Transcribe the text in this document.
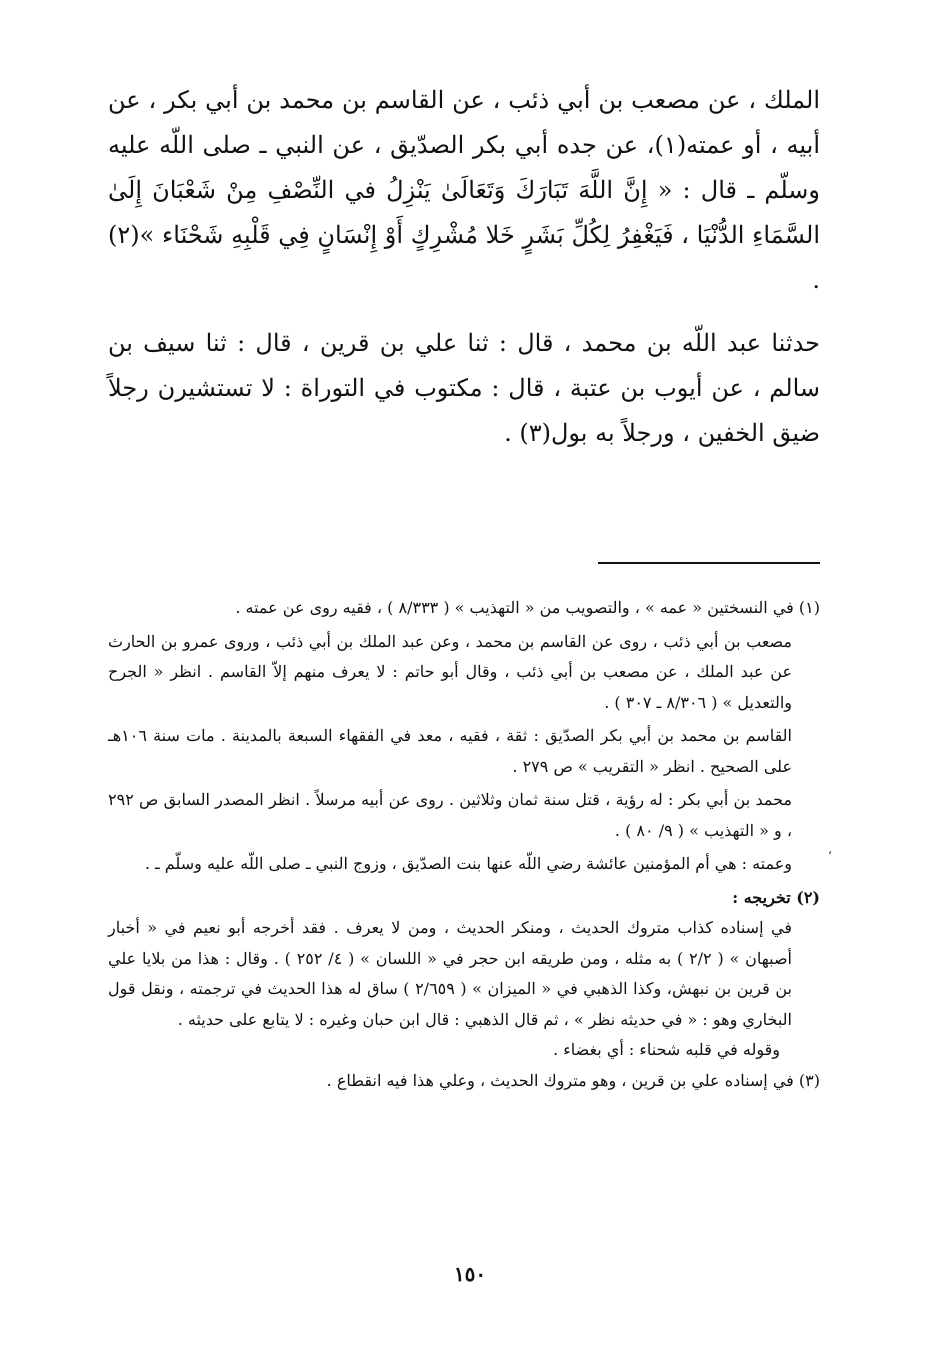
الملك ، عن مصعب بن أبي ذئب ، عن القاسم بن محمد بن أبي بكر ، عن أبيه ، أو عمته(١)، عن جده أبي بكر الصدّيق ، عن النبي ـ صلى اللّه عليه وسلّم ـ قال : « إِنَّ اللَّهَ تَبَارَكَ وَتَعَالَىٰ يَنْزِلُ في النِّصْفِ مِنْ شَعْبَانَ إِلَىٰ السَّمَاءِ الدُّنْيَا ، فَيَغْفِرُ لِكُلِّ بَشَرٍ خَلا مُشْرِكٍ أَوْ إِنْسَانٍ فِي قَلْبِهِ شَحْنَاء »(٢) .

حدثنا عبد اللّه بن محمد ، قال : ثنا علي بن قرين ، قال : ثنا سيف بن سالم ، عن أيوب بن عتبة ، قال : مكتوب في التوراة : لا تستشيرن رجلاً ضيق الخفين ، ورجلاً به بول(٣) .

(١) في النسختين « عمه » ، والتصويب من « التهذيب » ( ٨/٣٣٣ ) ، فقيه روى عن عمته .

مصعب بن أبي ذئب ، روى عن القاسم بن محمد ، وعن عبد الملك بن أبي ذئب ، وروى عمرو بن الحارث عن عبد الملك ، عن مصعب بن أبي ذئب ، وقال أبو حاتم : لا يعرف منهم إلاّ القاسم . انظر « الجرح والتعديل » ( ٨/٣٠٦ ـ ٣٠٧ ) .

القاسم بن محمد بن أبي بكر الصدّيق : ثقة ، فقيه ، معد في الفقهاء السبعة بالمدينة . مات سنة ١٠٦هـ على الصحيح . انظر « التقريب » ص ٢٧٩ .

محمد بن أبي بكر : له رؤية ، قتل سنة ثمان وثلاثين . روى عن أبيه مرسلاً . انظر المصدر السابق ص ٢٩٢ ، و « التهذيب » ( ٩/ ٨٠ ) .

وعمته : هي أم المؤمنين عائشة رضي اللّه عنها بنت الصدّيق ، وزوج النبي ـ صلى اللّه عليه وسلّم ـ .

(٢) تخريجه :

في إسناده كذاب متروك الحديث ، ومنكر الحديث ، ومن لا يعرف . فقد أخرجه أبو نعيم في « أخبار أصبهان » ( ٢/٢ ) به مثله ، ومن طريقه ابن حجر في « اللسان » ( ٤/ ٢٥٢ ) . وقال : هذا من بلايا علي بن قرين بن نبهش، وكذا الذهبي في « الميزان » ( ٢/٦٥٩ ) ساق له هذا الحديث في ترجمته ، ونقل قول البخاري وهو : « في حديثه نظر » ، ثم قال الذهبي : قال ابن حبان وغيره : لا يتابع على حديثه .

وقوله في قلبه شحناء : أي بغضاء .

(٣) في إسناده علي بن قرين ، وهو متروك الحديث ، وعلي هذا فيه انقطاع .

‘
١٥٠
